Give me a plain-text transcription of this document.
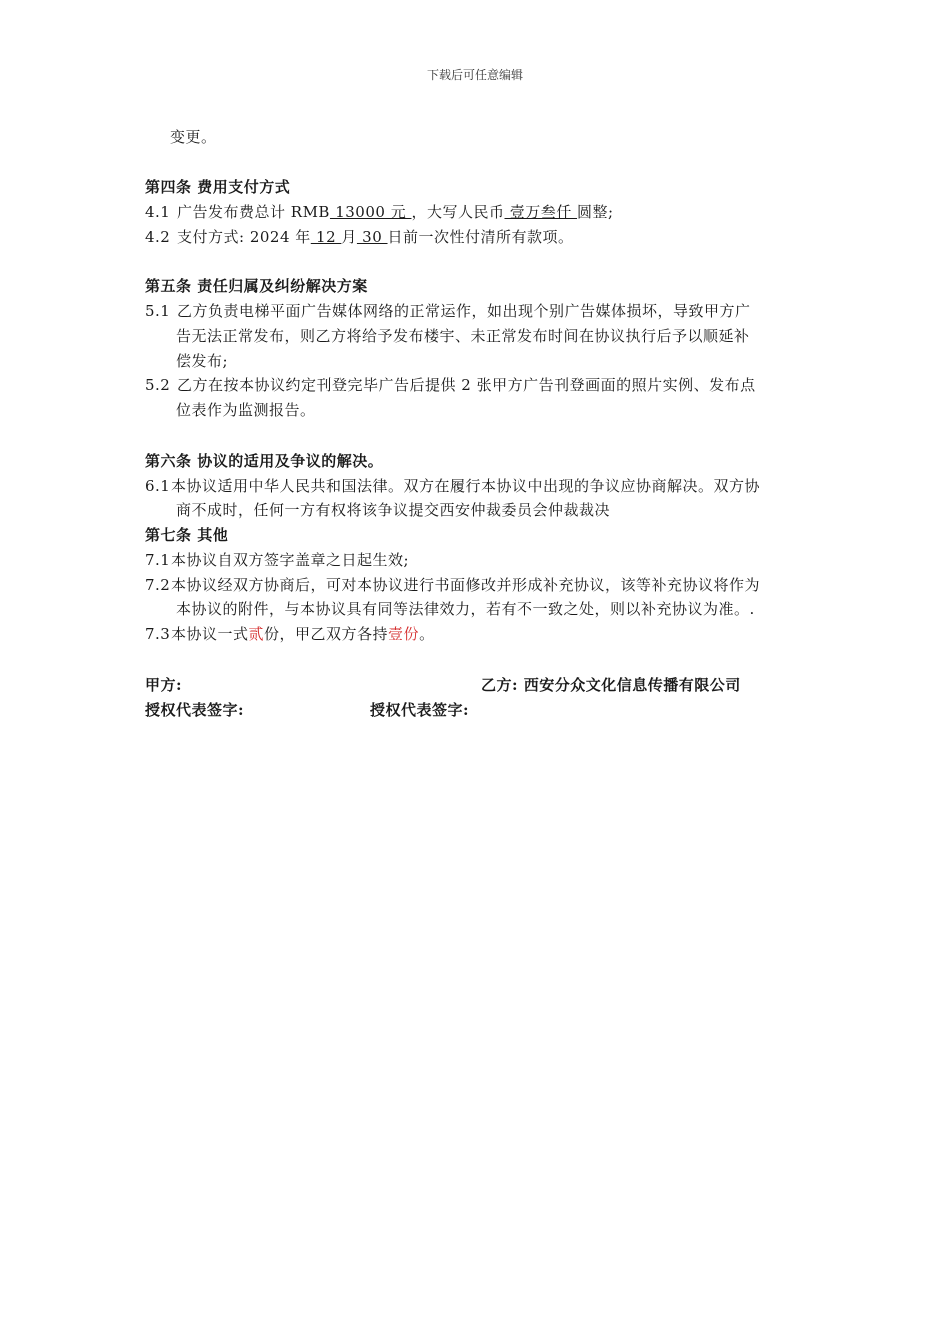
下载后可任意编辑
变更。
第四条 费用支付方式
4.1 广告发布费总计 RMB 13000 元 ，大写人民币 壹万叁仟 圆整;
4.2 支付方式: 2024 年 12 月 30 日前一次性付清所有款项。
第五条 责任归属及纠纷解决方案
5.1 乙方负责电梯平面广告媒体网络的正常运作，如出现个别广告媒体损坏，导致甲方广
告无法正常发布，则乙方将给予发布楼宇、未正常发布时间在协议执行后予以顺延补
偿发布;
5.2 乙方在按本协议约定刊登完毕广告后提供 2 张甲方广告刊登画面的照片实例、发布点
位表作为监测报告。
第六条 协议的适用及争议的解决。
6.1本协议适用中华人民共和国法律。双方在履行本协议中出现的争议应协商解决。双方协
商不成时，任何一方有权将该争议提交西安仲裁委员会仲裁裁决
第七条 其他
7.1本协议自双方签字盖章之日起生效;
7.2本协议经双方协商后，可对本协议进行书面修改并形成补充协议，该等补充协议将作为
本协议的附件，与本协议具有同等法律效力，若有不一致之处，则以补充协议为准。.
7.3本协议一式贰份，甲乙双方各持壹份。
甲方:	乙方: 西安分众文化信息传播有限公司
授权代表签字:	授权代表签字:
